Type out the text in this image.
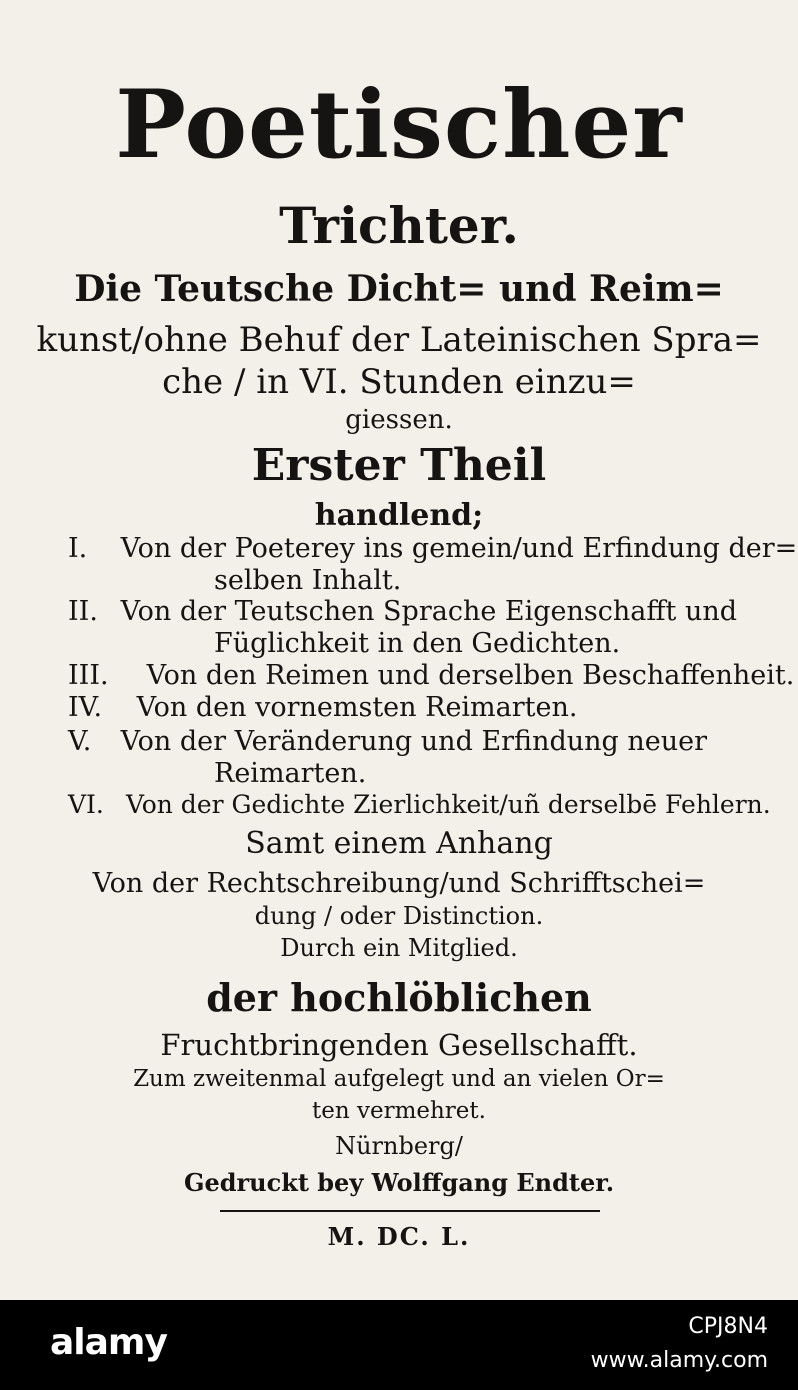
Poetischer
Trichter.
Die Teutsche Dicht= und Reim=
kunst/ohne Behuf der Lateinischen Spra=
che / in VI. Stunden einzu=
giessen.
Erster Theil
handlend;
I. Von der Poeterey ins gemein/und Erfindung der=
selben Inhalt.
II. Von der Teutschen Sprache Eigenschafft und
Füglichkeit in den Gedichten.
III. Von den Reimen und derselben Beschaffenheit.
IV. Von den vornemsten Reimarten.
V. Von der Veränderung und Erfindung neuer
Reimarten.
VI. Von der Gedichte Zierlichkeit/uñ derselbē Fehlern.
Samt einem Anhang
Von der Rechtschreibung/und Schrifftschei=
dung / oder Distinction.
Durch ein Mitglied.
der hochlöblichen
Fruchtbringenden Gesellschafft.
Zum zweitenmal aufgelegt und an vielen Or=
ten vermehret.
Nürnberg/
Gedruckt bey Wolffgang Endter.
M. DC. L.
alamy	CPJ8N4
www.alamy.com
